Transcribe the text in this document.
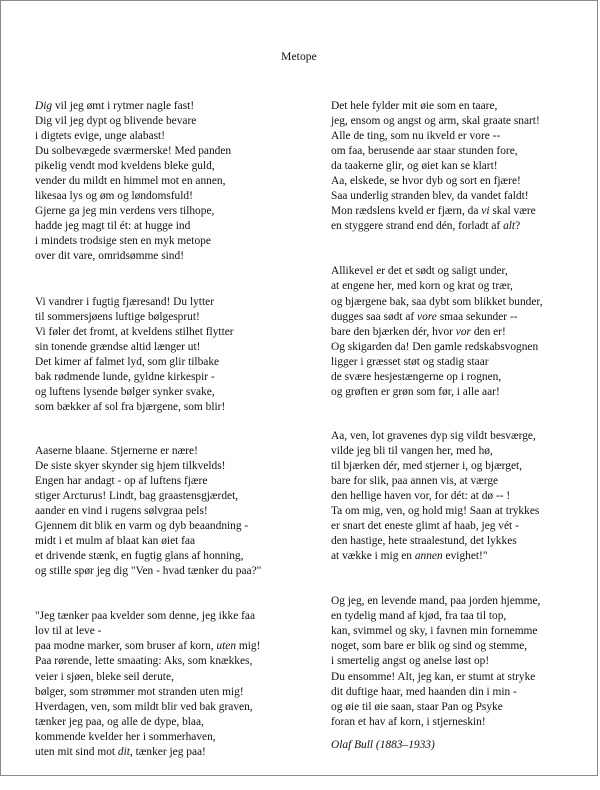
Metope
Dig vil jeg ømt i rytmer nagle fast!
Dig vil jeg dypt og blivende bevare
i digtets evige, unge alabast!
Du solbevægede sværmerske! Med panden
pikelig vendt mod kveldens bleke guld,
vender du mildt en himmel mot en annen,
likesaa lys og øm og løndomsfuld!
Gjerne ga jeg min verdens vers tilhope,
hadde jeg magt til ét: at hugge ind
i mindets trodsige sten en myk metope
over dit vare, omridsømme sind!
Vi vandrer i fugtig fjæresand! Du lytter
til sommersjøens luftige bølgesprut!
Vi føler det fromt, at kveldens stilhet flytter
sin tonende grændse altid længer ut!
Det kimer af falmet lyd, som glir tilbake
bak rødmende lunde, gyldne kirkespir -
og luftens lysende bølger synker svake,
som bækker af sol fra bjærgene, som blir!
Aaserne blaane. Stjernerne er nære!
De siste skyer skynder sig hjem tilkvelds!
Engen har andagt - op af luftens fjære
stiger Arcturus! Lindt, bag graastensgjærdet,
aander en vind i rugens sølvgraa pels!
Gjennem dit blik en varm og dyb beaandning -
midt i et mulm af blaat kan øiet faa
et drivende stænk, en fugtig glans af honning,
og stille spør jeg dig "Ven - hvad tænker du paa?"
"Jeg tænker paa kvelder som denne, jeg ikke faa
lov til at leve -
paa modne marker, som bruser af korn, uten mig!
Paa rørende, lette smaating: Aks, som knækkes,
veier i sjøen, bleke seil derute,
bølger, som strømmer mot stranden uten mig!
Hverdagen, ven, som mildt blir ved bak graven,
tænker jeg paa, og alle de dype, blaa,
kommende kvelder her i sommerhaven,
uten mit sind mot dit, tænker jeg paa!
Det hele fylder mit øie som en taare,
jeg, ensom og angst og arm, skal graate snart!
Alle de ting, som nu ikveld er vore --
om faa, berusende aar staar stunden fore,
da taakerne glir, og øiet kan se klart!
Aa, elskede, se hvor dyb og sort en fjære!
Saa underlig stranden blev, da vandet faldt!
Mon rædslens kveld er fjærn, da vi skal være
en styggere strand end dén, forladt af alt?
Allikevel er det et sødt og saligt under,
at engene her, med korn og krat og trær,
og bjærgene bak, saa dybt som blikket bunder,
dugges saa sødt af vore smaa sekunder --
bare den bjærken dér, hvor vor den er!
Og skigarden da! Den gamle redskabsvognen
ligger i græsset støt og stadig staar
de svære hesjestængerne op i rognen,
og grøften er grøn som før, i alle aar!
Aa, ven, lot gravenes dyp sig vildt besværge,
vilde jeg bli til vangen her, med hø,
til bjærken dér, med stjerner i, og bjærget,
bare for slik, paa annen vis, at værge
den hellige haven vor, for dét: at dø -- !
Ta om mig, ven, og hold mig! Saan at trykkes
er snart det eneste glimt af haab, jeg vét -
den hastige, hete straalestund, det lykkes
at vække i mig en annen evighet!"
Og jeg, en levende mand, paa jorden hjemme,
en tydelig mand af kjød, fra taa til top,
kan, svimmel og sky, i favnen min fornemme
noget, som bare er blik og sind og stemme,
i smertelig angst og anelse løst op!
Du ensomme! Alt, jeg kan, er stumt at stryke
dit duftige haar, med haanden din i min -
og øie til øie saan, staar Pan og Psyke
foran et hav af korn, i stjerneskin!
Olaf Bull (1883–1933)
